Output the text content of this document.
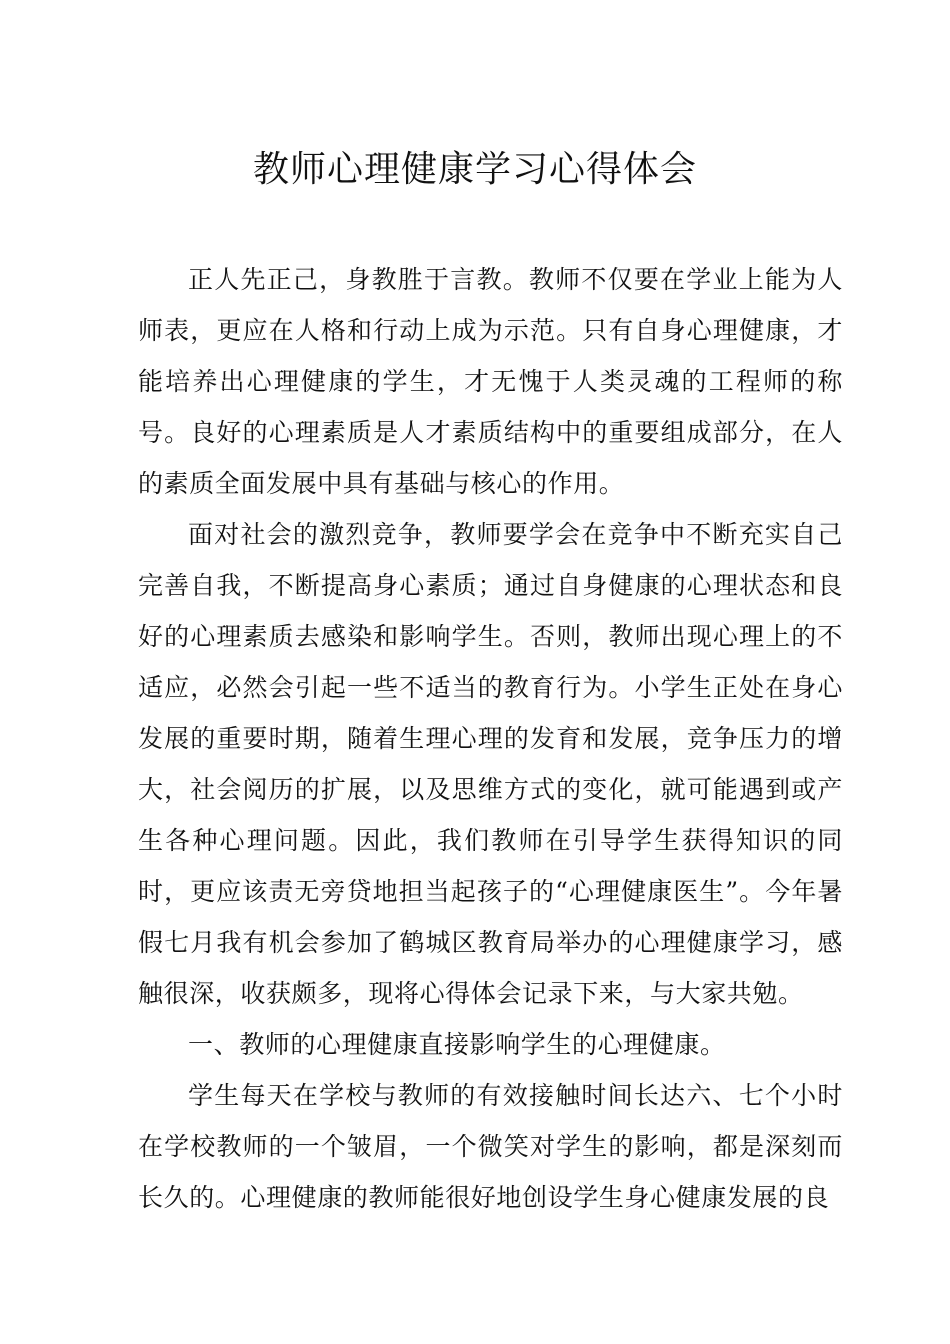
教师心理健康学习心得体会

正人先正己，身教胜于言教。教师不仅要在学业上能为人师表，更应在人格和行动上成为示范。只有自身心理健康，才能培养出心理健康的学生，才无愧于人类灵魂的工程师的称号。良好的心理素质是人才素质结构中的重要组成部分，在人的素质全面发展中具有基础与核心的作用。

面对社会的激烈竞争，教师要学会在竞争中不断充实自己完善自我，不断提高身心素质；通过自身健康的心理状态和良好的心理素质去感染和影响学生。否则，教师出现心理上的不适应，必然会引起一些不适当的教育行为。小学生正处在身心发展的重要时期，随着生理心理的发育和发展，竞争压力的增大，社会阅历的扩展，以及思维方式的变化，就可能遇到或产生各种心理问题。因此，我们教师在引导学生获得知识的同时，更应该责无旁贷地担当起孩子的“心理健康医生”。今年暑假七月我有机会参加了鹤城区教育局举办的心理健康学习，感触很深，收获颇多，现将心得体会记录下来，与大家共勉。

一、教师的心理健康直接影响学生的心理健康。

学生每天在学校与教师的有效接触时间长达六、七个小时在学校教师的一个皱眉，一个微笑对学生的影响，都是深刻而长久的。心理健康的教师能很好地创设学生身心健康发展的良
